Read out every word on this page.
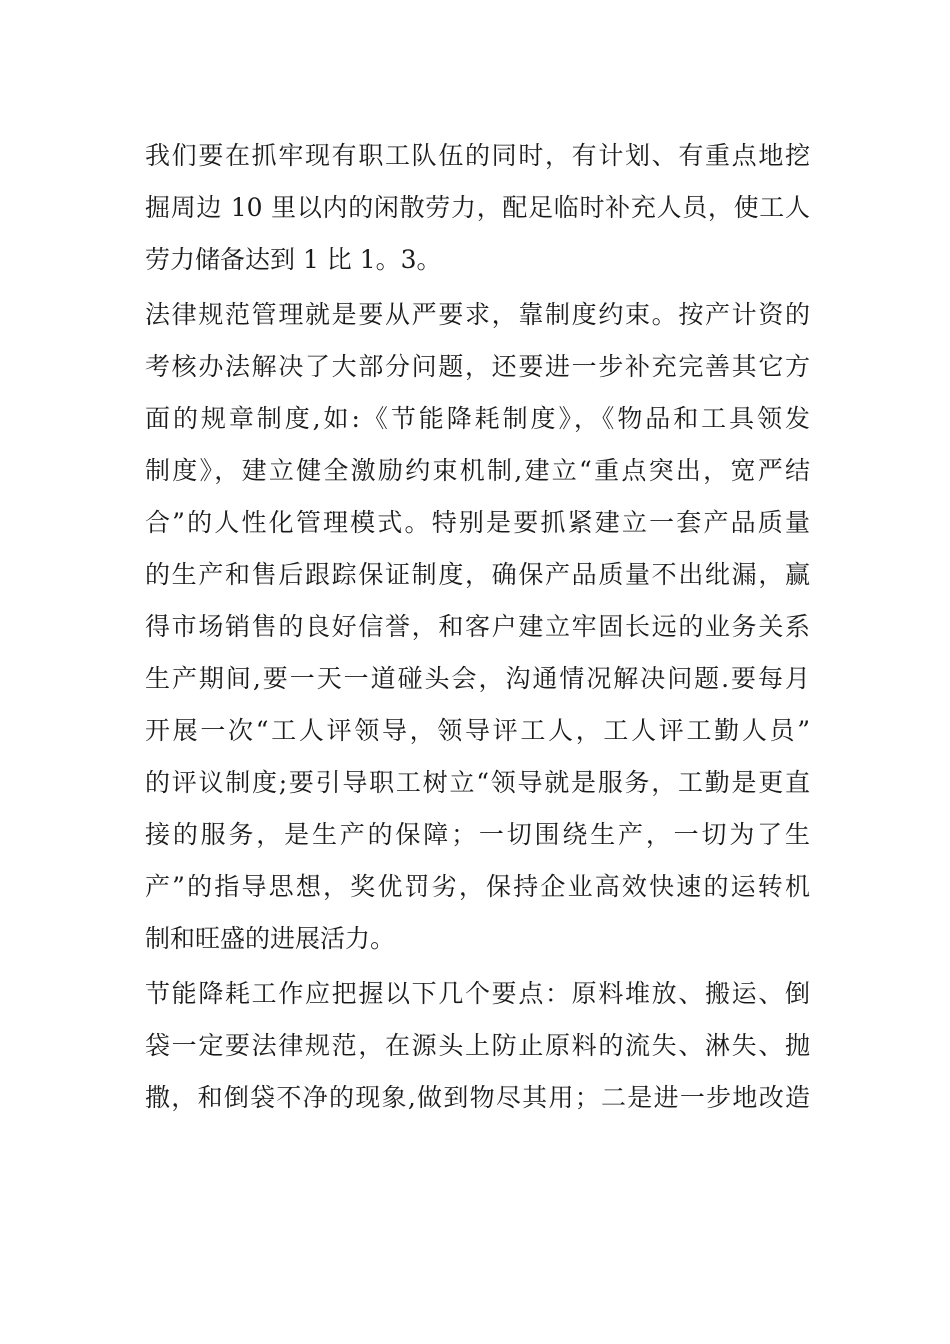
我们要在抓牢现有职工队伍的同时，有计划、有重点地挖
掘周边 10 里以内的闲散劳力，配足临时补充人员，使工人
劳力储备达到 1 比 1。3。
法律规范管理就是要从严要求，靠制度约束。按产计资的
考核办法解决了大部分问题，还要进一步补充完善其它方
面的规章制度,如:《节能降耗制度》，《物品和工具领发
制度》，建立健全激励约束机制,建立“重点突出，宽严结
合”的人性化管理模式。特别是要抓紧建立一套产品质量
的生产和售后跟踪保证制度，确保产品质量不出纰漏，赢
得市场销售的良好信誉，和客户建立牢固长远的业务关系
生产期间,要一天一道碰头会，沟通情况解决问题.要每月
开展一次“工人评领导，领导评工人，工人评工勤人员”
的评议制度;要引导职工树立“领导就是服务，工勤是更直
接的服务，是生产的保障；一切围绕生产，一切为了生
产”的指导思想，奖优罚劣，保持企业高效快速的运转机
制和旺盛的进展活力。
节能降耗工作应把握以下几个要点：原料堆放、搬运、倒
袋一定要法律规范，在源头上防止原料的流失、淋失、抛
撒，和倒袋不净的现象,做到物尽其用；二是进一步地改造
